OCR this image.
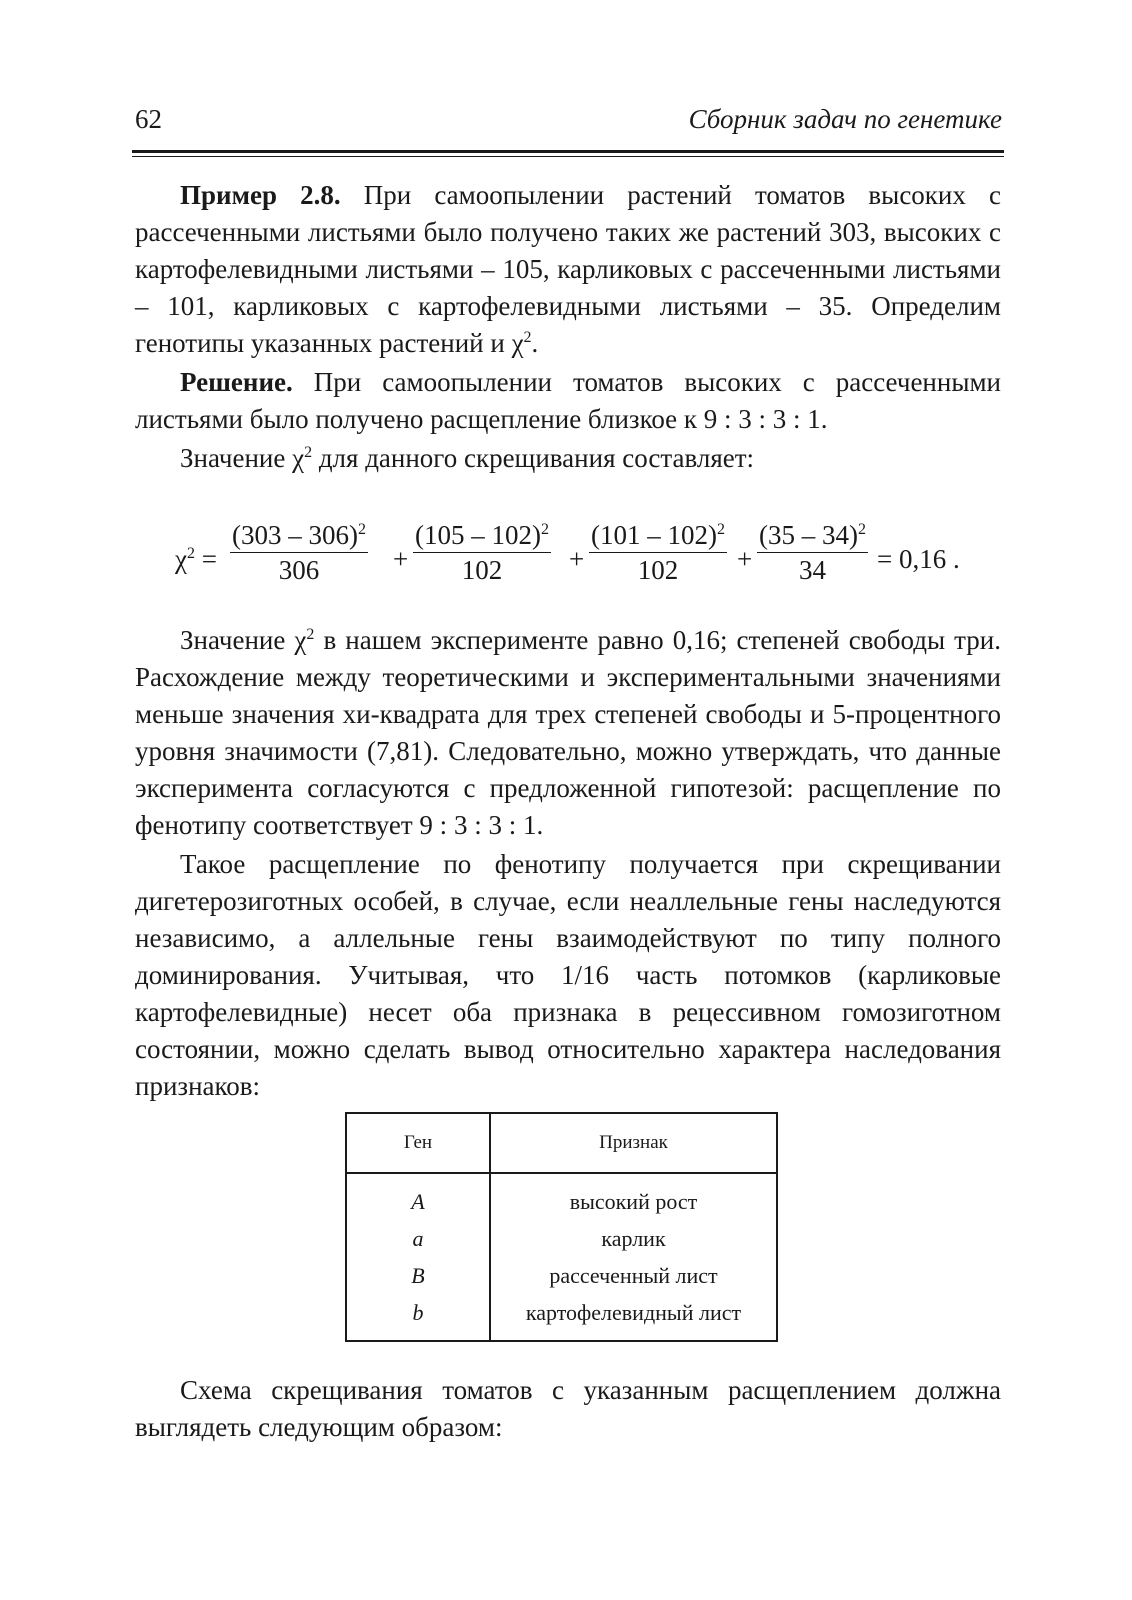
62	Сборник задач по генетике

Пример 2.8. При самоопылении растений томатов высоких с рассеченными листьями было получено таких же растений 303, высоких с картофелевидными листьями – 105, карликовых с рассеченными листьями – 101, карликовых с картофелевидными листьями – 35. Определим генотипы указанных растений и $\chi^2$.

Решение. При самоопылении томатов высоких с рассеченными листьями было получено расщепление близкое к 9 : 3 : 3 : 1.

Значение $\chi^2$ для данного скрещивания составляет:

$\chi^2$ =
(303 – 306)$^2$
306	+
(105 – 102)$^2$
102	+
(101 – 102)$^2$
102	+
(35 – 34)$^2$
34	= 0,16 .

Значение $\chi^2$ в нашем эксперименте равно 0,16; степеней свободы три. Расхождение между теоретическими и экспериментальными значениями меньше значения хи-квадрата для трех степеней свободы и 5-процентного уровня значимости (7,81). Следовательно, можно утверждать, что данные эксперимента согласуются с предложенной гипотезой: расщепление по фенотипу соответствует 9 : 3 : 3 : 1.

Такое расщепление по фенотипу получается при скрещивании дигетерозиготных особей, в случае, если неаллельные гены наследуются независимо, а аллельные гены взаимодействуют по типу полного доминирования. Учитывая, что 1/16 часть потомков (карликовые картофелевидные) несет оба признака в рецессивном гомозиготном состоянии, можно сделать вывод относительно характера наследования признаков:

Ген	Признак
A	высокий рост
a	карлик
B	рассеченный лист
b	картофелевидный лист

Схема скрещивания томатов с указанным расщеплением должна выглядеть следующим образом:
